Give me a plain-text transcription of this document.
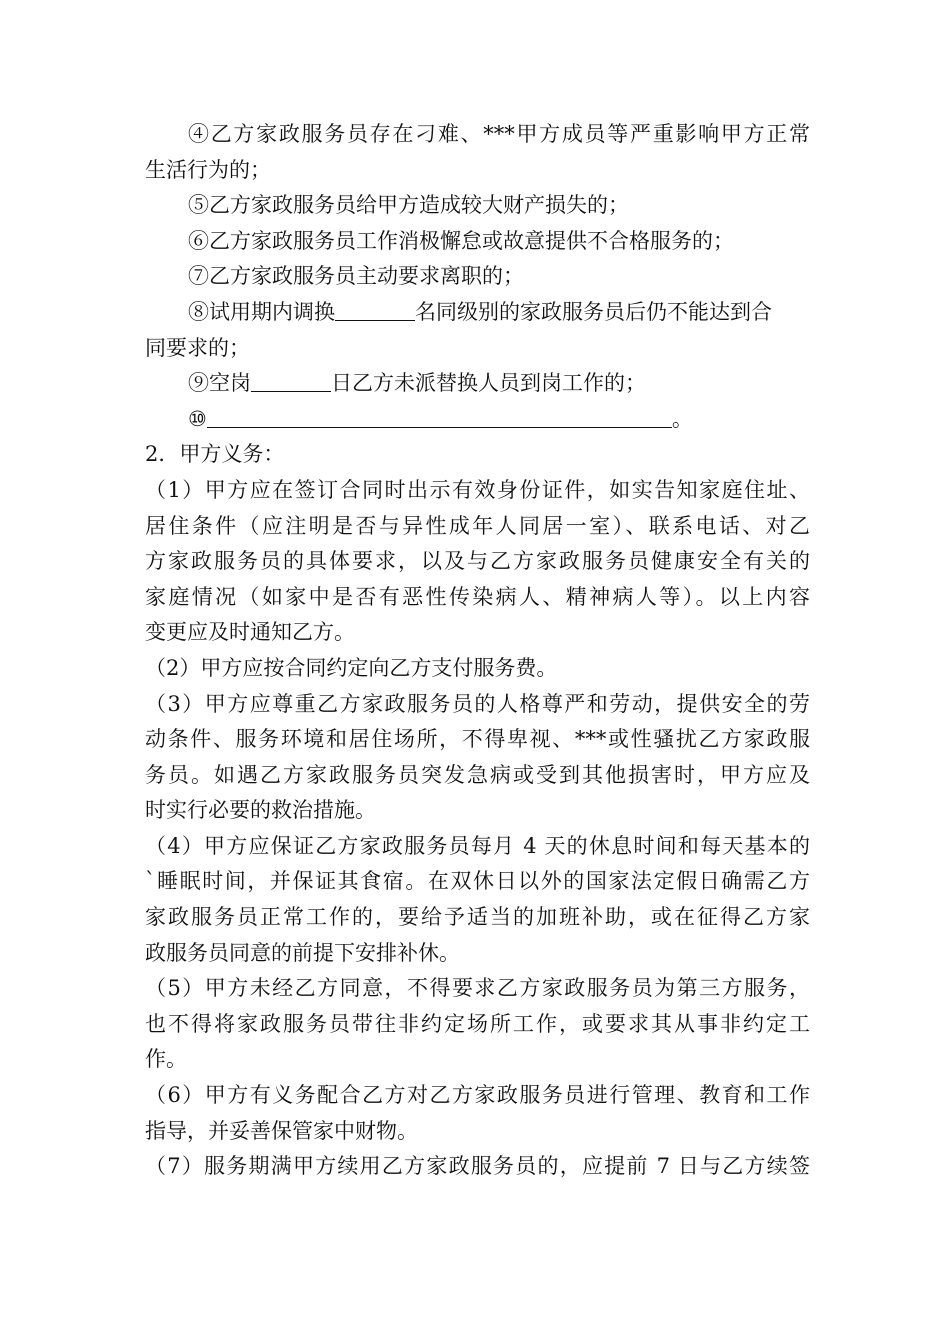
④乙方家政服务员存在刁难、***甲方成员等严重影响甲方正常
生活行为的；
⑤乙方家政服务员给甲方造成较大财产损失的；
⑥乙方家政服务员工作消极懈怠或故意提供不合格服务的；
⑦乙方家政服务员主动要求离职的；
⑧试用期内调换	名同级别的家政服务员后仍不能达到合
同要求的；
⑨空岗	日乙方未派替换人员到岗工作的；
⑩	。
2．甲方义务：
（1）甲方应在签订合同时出示有效身份证件，如实告知家庭住址、
居住条件（应注明是否与异性成年人同居一室）、联系电话、对乙
方家政服务员的具体要求，以及与乙方家政服务员健康安全有关的
家庭情况（如家中是否有恶性传染病人、精神病人等）。以上内容
变更应及时通知乙方。
（2）甲方应按合同约定向乙方支付服务费。
（3）甲方应尊重乙方家政服务员的人格尊严和劳动，提供安全的劳
动条件、服务环境和居住场所，不得卑视、***或性骚扰乙方家政服
务员。如遇乙方家政服务员突发急病或受到其他损害时，甲方应及
时实行必要的救治措施。
（4）甲方应保证乙方家政服务员每月 4 天的休息时间和每天基本的
`睡眠时间，并保证其食宿。在双休日以外的国家法定假日确需乙方
家政服务员正常工作的，要给予适当的加班补助，或在征得乙方家
政服务员同意的前提下安排补休。
（5）甲方未经乙方同意，不得要求乙方家政服务员为第三方服务，
也不得将家政服务员带往非约定场所工作，或要求其从事非约定工
作。
（6）甲方有义务配合乙方对乙方家政服务员进行管理、教育和工作
指导，并妥善保管家中财物。
（7）服务期满甲方续用乙方家政服务员的，应提前 7 日与乙方续签
